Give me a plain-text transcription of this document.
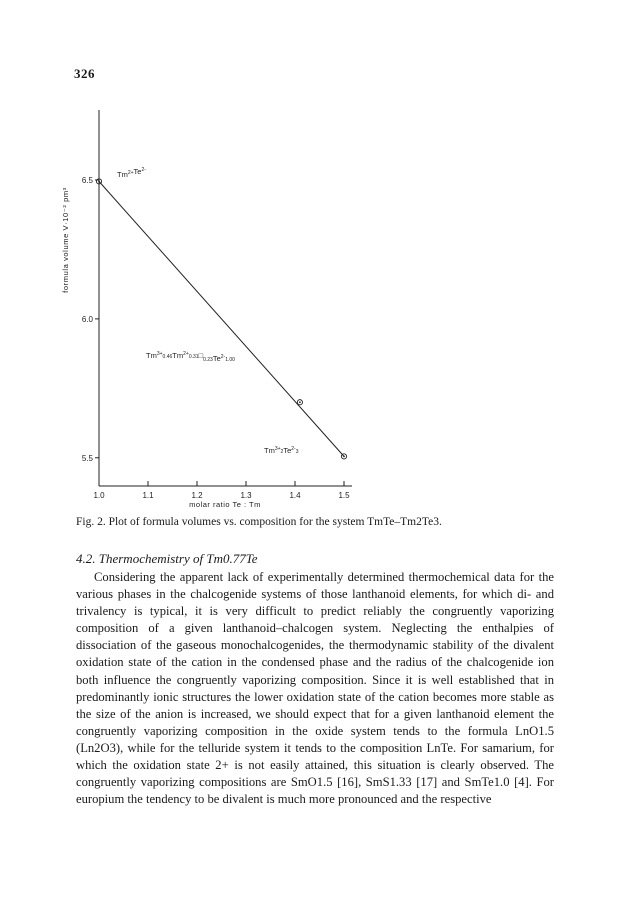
326
1.0	1.1	1.2	1.3	1.4	1.5
5.5
6.0
6.5
formula volume V·10⁻² pm³
molar ratio Te : Tm
$Tm^{2+}Te^{2-}$
$Tm^{3+}_{0.46}Tm^{2+}_{0.31}□_{0.23}Te^{2-}_{1.00}$
$Tm^{3+}_2Te^{2-}_3$
Fig. 2. Plot of formula volumes vs. composition for the system TmTe–Tm2Te3.
4.2. Thermochemistry of Tm0.77Te
Considering the apparent lack of experimentally determined thermochemical data for the various phases in the chalcogenide systems of those lanthanoid elements, for which di- and trivalency is typical, it is very difficult to predict reliably the congruently vaporizing composition of a given lanthanoid–chalcogen system. Neglecting the enthalpies of dissociation of the gaseous monochalcogenides, the thermodynamic stability of the divalent oxidation state of the cation in the condensed phase and the radius of the chalcogenide ion both influence the congruently vaporizing composition. Since it is well established that in predominantly ionic structures the lower oxidation state of the cation becomes more stable as the size of the anion is increased, we should expect that for a given lanthanoid element the congruently vaporizing composition in the oxide system tends to the formula LnO1.5 (Ln2O3), while for the telluride system it tends to the composition LnTe. For samarium, for which the oxidation state 2+ is not easily attained, this situation is clearly observed. The congruently vaporizing compositions are SmO1.5 [16], SmS1.33 [17] and SmTe1.0 [4]. For europium the tendency to be divalent is much more pronounced and the respective
